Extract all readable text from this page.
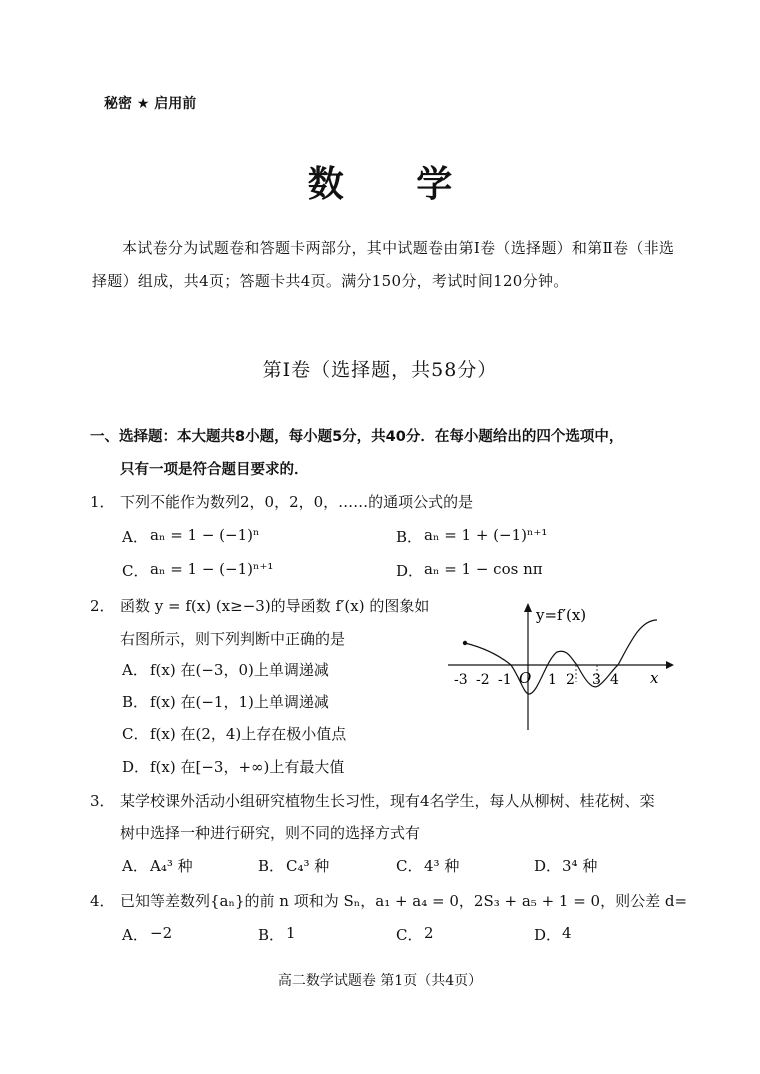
秘密 ★ 启用前
数 学
本试卷分为试题卷和答题卡两部分，其中试题卷由第Ⅰ卷（选择题）和第Ⅱ卷（非选择题）组成，共4页；答题卡共4页。满分150分，考试时间120分钟。
第Ⅰ卷（选择题，共58分）
一、选择题：本大题共8小题，每小题5分，共40分．在每小题给出的四个选项中，
只有一项是符合题目要求的．
1． 下列不能作为数列2，0，2，0，……的通项公式的是
A． aₙ = 1 − (−1)ⁿ	B． aₙ = 1 + (−1)ⁿ⁺¹
C． aₙ = 1 − (−1)ⁿ⁺¹	D． aₙ = 1 − cos nπ
2． 函数 y = f(x) (x≥−3)的导函数 f′(x) 的图象如
右图所示，则下列判断中正确的是
A． f(x) 在(−3，0)上单调递减
B． f(x) 在(−1，1)上单调递减
C． f(x) 在(2，4)上存在极小值点
D． f(x) 在[−3，+∞)上有最大值
y=f′(x)
x
O
-3 -2 -1	1 2 3 4
3． 某学校课外活动小组研究植物生长习性，现有4名学生，每人从柳树、桂花树、栾
树中选择一种进行研究，则不同的选择方式有
A． A₄³ 种	B． C₄³ 种	C． 4³ 种	D． 3⁴ 种
4． 已知等差数列{aₙ}的前 n 项和为 Sₙ，a₁ + a₄ = 0，2S₃ + a₅ + 1 = 0，则公差 d=
A． −2	B． 1	C． 2	D． 4
高二数学试题卷 第1页（共4页）
